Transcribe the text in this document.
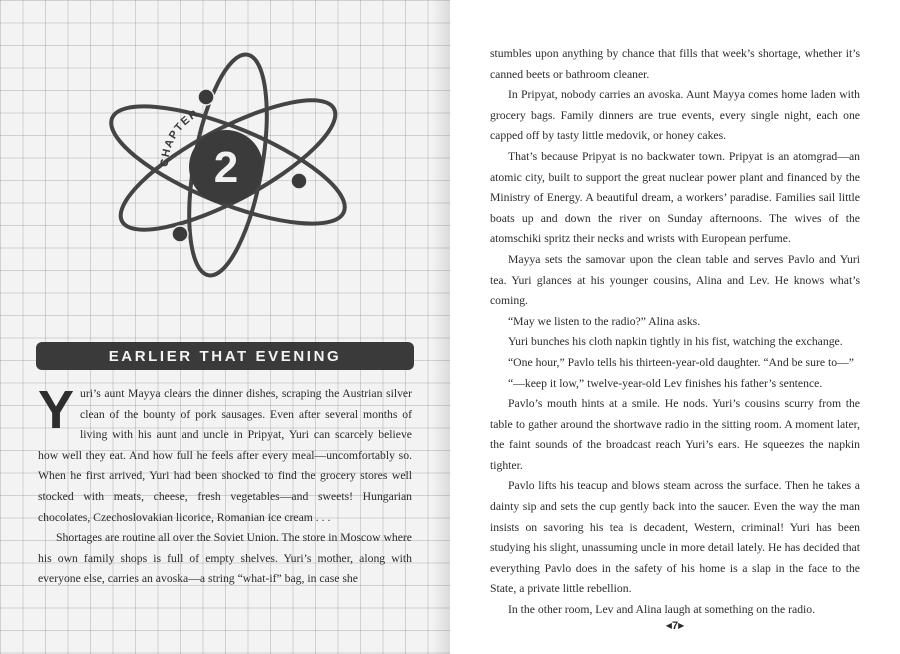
2
CHAPTER
EARLIER THAT EVENING

Yuri’s aunt Mayya clears the dinner dishes, scraping the Austrian silver clean of the bounty of pork sausages. Even after several months of living with his aunt and uncle in Pripyat, Yuri can scarcely believe how well they eat. And how full he feels after every meal—uncomfortably so. When he first arrived, Yuri had been shocked to find the grocery stores well stocked with meats, cheese, fresh vegetables—and sweets! Hungarian chocolates, Czechoslovakian licorice, Romanian ice cream . . .

Shortages are routine all over the Soviet Union. The store in Moscow where his own family shops is full of empty shelves. Yuri’s mother, along with everyone else, carries an avoska—a string “what-if” bag, in case she

stumbles upon anything by chance that fills that week’s shortage, whether it’s canned beets or bathroom cleaner.

In Pripyat, nobody carries an avoska. Aunt Mayya comes home laden with grocery bags. Family dinners are true events, every single night, each one capped off by tasty little medovik, or honey cakes.

That’s because Pripyat is no backwater town. Pripyat is an atomgrad—an atomic city, built to support the great nuclear power plant and financed by the Ministry of Energy. A beautiful dream, a workers’ paradise. Families sail little boats up and down the river on Sunday afternoons. The wives of the atomschiki spritz their necks and wrists with European perfume.

Mayya sets the samovar upon the clean table and serves Pavlo and Yuri tea. Yuri glances at his younger cousins, Alina and Lev. He knows what’s coming.

“May we listen to the radio?” Alina asks.

Yuri bunches his cloth napkin tightly in his fist, watching the exchange.

“One hour,” Pavlo tells his thirteen-year-old daughter. “And be sure to—”

“—keep it low,” twelve-year-old Lev finishes his father’s sentence.

Pavlo’s mouth hints at a smile. He nods. Yuri’s cousins scurry from the table to gather around the shortwave radio in the sitting room. A moment later, the faint sounds of the broadcast reach Yuri’s ears. He squeezes the napkin tighter.

Pavlo lifts his teacup and blows steam across the surface. Then he takes a dainty sip and sets the cup gently back into the saucer. Even the way the man insists on savoring his tea is decadent, Western, criminal! Yuri has been studying his slight, unassuming uncle in more detail lately. He has decided that everything Pavlo does in the safety of his home is a slap in the face to the State, a private little rebellion.

In the other room, Lev and Alina laugh at something on the radio.

◀7▶
